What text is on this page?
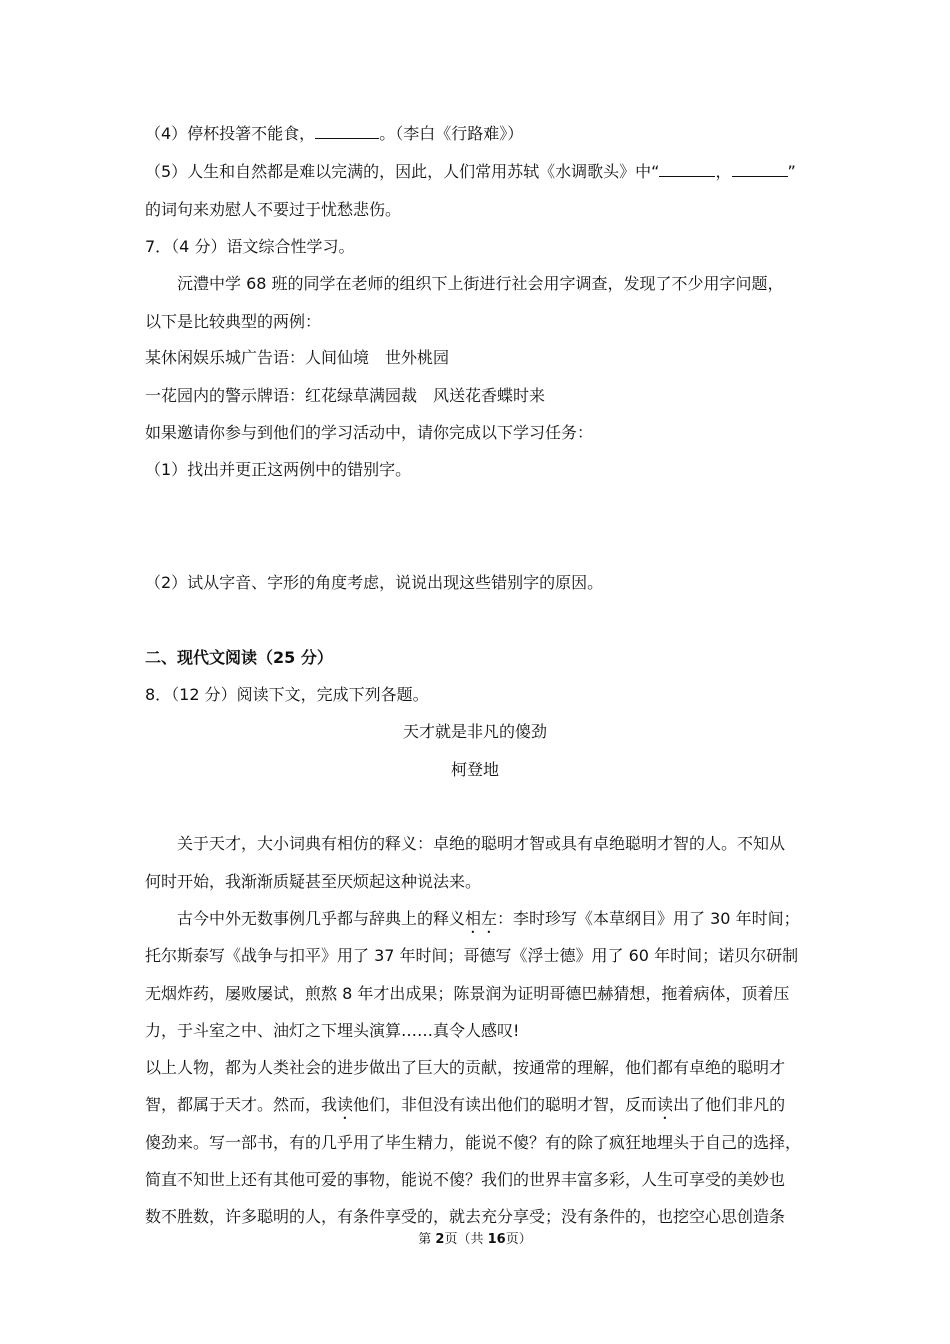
（4）停杯投箸不能食，	。（李白《行路难》）
（5）人生和自然都是难以完满的，因此，人们常用苏轼《水调歌头》中“	，	”
的词句来劝慰人不要过于忧愁悲伤。
7．（4 分）语文综合性学习。
沅澧中学 68 班的同学在老师的组织下上街进行社会用字调查，发现了不少用字问题，
以下是比较典型的两例：
某休闲娱乐城广告语：人间仙境　世外桃园
一花园内的警示牌语：红花绿草满园裁　风送花香蝶时来
如果邀请你参与到他们的学习活动中，请你完成以下学习任务：
（1）找出并更正这两例中的错别字。
（2）试从字音、字形的角度考虑，说说出现这些错别字的原因。
二、现代文阅读（25 分）
8．（12 分）阅读下文，完成下列各题。
天才就是非凡的傻劲
柯登地
关于天才，大小词典有相仿的释义：卓绝的聪明才智或具有卓绝聪明才智的人。不知从
何时开始，我渐渐质疑甚至厌烦起这种说法来。
古今中外无数事例几乎都与辞典上的释义相左：李时珍写《本草纲目》用了 30 年时间；
托尔斯泰写《战争与扣平》用了 37 年时间；哥德写《浮士德》用了 60 年时间；诺贝尔研制
无烟炸药，屡败屡试，煎熬 8 年才出成果；陈景润为证明哥德巴赫猜想，拖着病体，顶着压
力，于斗室之中、油灯之下埋头演算……真令人感叹!
以上人物，都为人类社会的进步做出了巨大的贡献，按通常的理解，他们都有卓绝的聪明才
智，都属于天才。然而，我读他们，非但没有读出他们的聪明才智，反而读出了他们非凡的
傻劲来。写一部书，有的几乎用了毕生精力，能说不傻？有的除了疯狂地埋头于自己的选择，
简直不知世上还有其他可爱的事物，能说不傻？我们的世界丰富多彩，人生可享受的美妙也
数不胜数，许多聪明的人，有条件享受的，就去充分享受；没有条件的，也挖空心思创造条
第 2页（共 16页）
